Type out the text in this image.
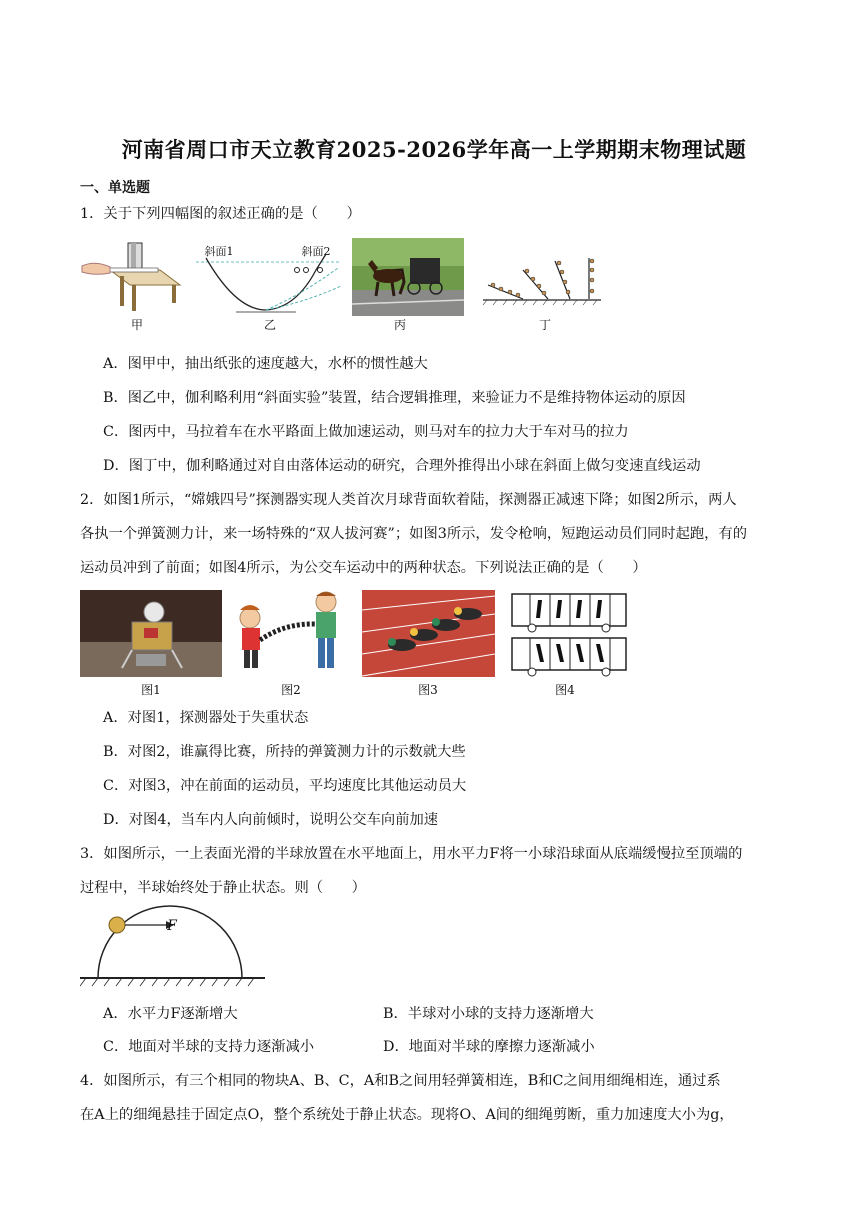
河南省周口市天立教育2025-2026学年高一上学期期末物理试题
一、单选题
1．关于下列四幅图的叙述正确的是（　　）
甲
斜面1	斜面2
乙	丙	丁
A．图甲中，抽出纸张的速度越大，水杯的惯性越大
B．图乙中，伽利略利用“斜面实验”装置，结合逻辑推理，来验证力不是维持物体运动的原因
C．图丙中，马拉着车在水平路面上做加速运动，则马对车的拉力大于车对马的拉力
D．图丁中，伽利略通过对自由落体运动的研究，合理外推得出小球在斜面上做匀变速直线运动
2．如图1所示，“嫦娥四号”探测器实现人类首次月球背面软着陆，探测器正减速下降；如图2所示，两人
各执一个弹簧测力计，来一场特殊的“双人拔河赛”；如图3所示，发令枪响，短跑运动员们同时起跑，有的
运动员冲到了前面；如图4所示，为公交车运动中的两种状态。下列说法正确的是（　　）
图1	图2	图3	图4
A．对图1，探测器处于失重状态
B．对图2，谁赢得比赛，所持的弹簧测力计的示数就大些
C．对图3，冲在前面的运动员，平均速度比其他运动员大
D．对图4，当车内人向前倾时，说明公交车向前加速
3．如图所示，一上表面光滑的半球放置在水平地面上，用水平力F将一小球沿球面从底端缓慢拉至顶端的
过程中，半球始终处于静止状态。则（　　）
F
A．水平力F逐渐增大	B．半球对小球的支持力逐渐增大
C．地面对半球的支持力逐渐减小	D．地面对半球的摩擦力逐渐减小
4．如图所示，有三个相同的物块A、B、C，A和B之间用轻弹簧相连，B和C之间用细绳相连，通过系
在A上的细绳悬挂于固定点O，整个系统处于静止状态。现将O、A间的细绳剪断，重力加速度大小为g，
